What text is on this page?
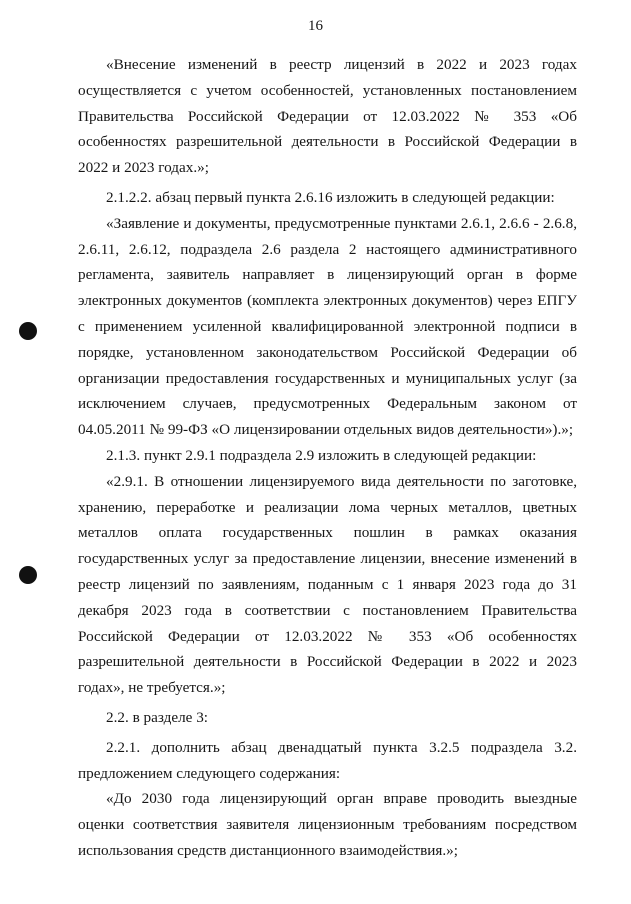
16

«Внесение изменений в реестр лицензий в 2022 и 2023 годах осуществляется с учетом особенностей, установленных постановлением Правительства Российской Федерации от 12.03.2022 № 353 «Об особенностях разрешительной деятельности в Российской Федерации в 2022 и 2023 годах.»;

2.1.2.2. абзац первый пункта 2.6.16 изложить в следующей редакции:

«Заявление и документы, предусмотренные пунктами 2.6.1, 2.6.6 - 2.6.8, 2.6.11, 2.6.12, подраздела 2.6 раздела 2 настоящего административного регламента, заявитель направляет в лицензирующий орган в форме электронных документов (комплекта электронных документов) через ЕПГУ с применением усиленной квалифицированной электронной подписи в порядке, установленном законодательством Российской Федерации об организации предоставления государственных и муниципальных услуг (за исключением случаев, предусмотренных Федеральным законом от 04.05.2011 № 99-ФЗ «О лицензировании отдельных видов деятельности»).»;

2.1.3. пункт 2.9.1 подраздела 2.9 изложить в следующей редакции:

«2.9.1. В отношении лицензируемого вида деятельности по заготовке, хранению, переработке и реализации лома черных металлов, цветных металлов оплата государственных пошлин в рамках оказания государственных услуг за предоставление лицензии, внесение изменений в реестр лицензий по заявлениям, поданным с 1 января 2023 года до 31 декабря 2023 года в соответствии с постановлением Правительства Российской Федерации от 12.03.2022 № 353 «Об особенностях разрешительной деятельности в Российской Федерации в 2022 и 2023 годах», не требуется.»;

2.2. в разделе 3:

2.2.1. дополнить абзац двенадцатый пункта 3.2.5 подраздела 3.2. предложением следующего содержания:

«До 2030 года лицензирующий орган вправе проводить выездные оценки соответствия заявителя лицензионным требованиям посредством использования средств дистанционного взаимодействия.»;
